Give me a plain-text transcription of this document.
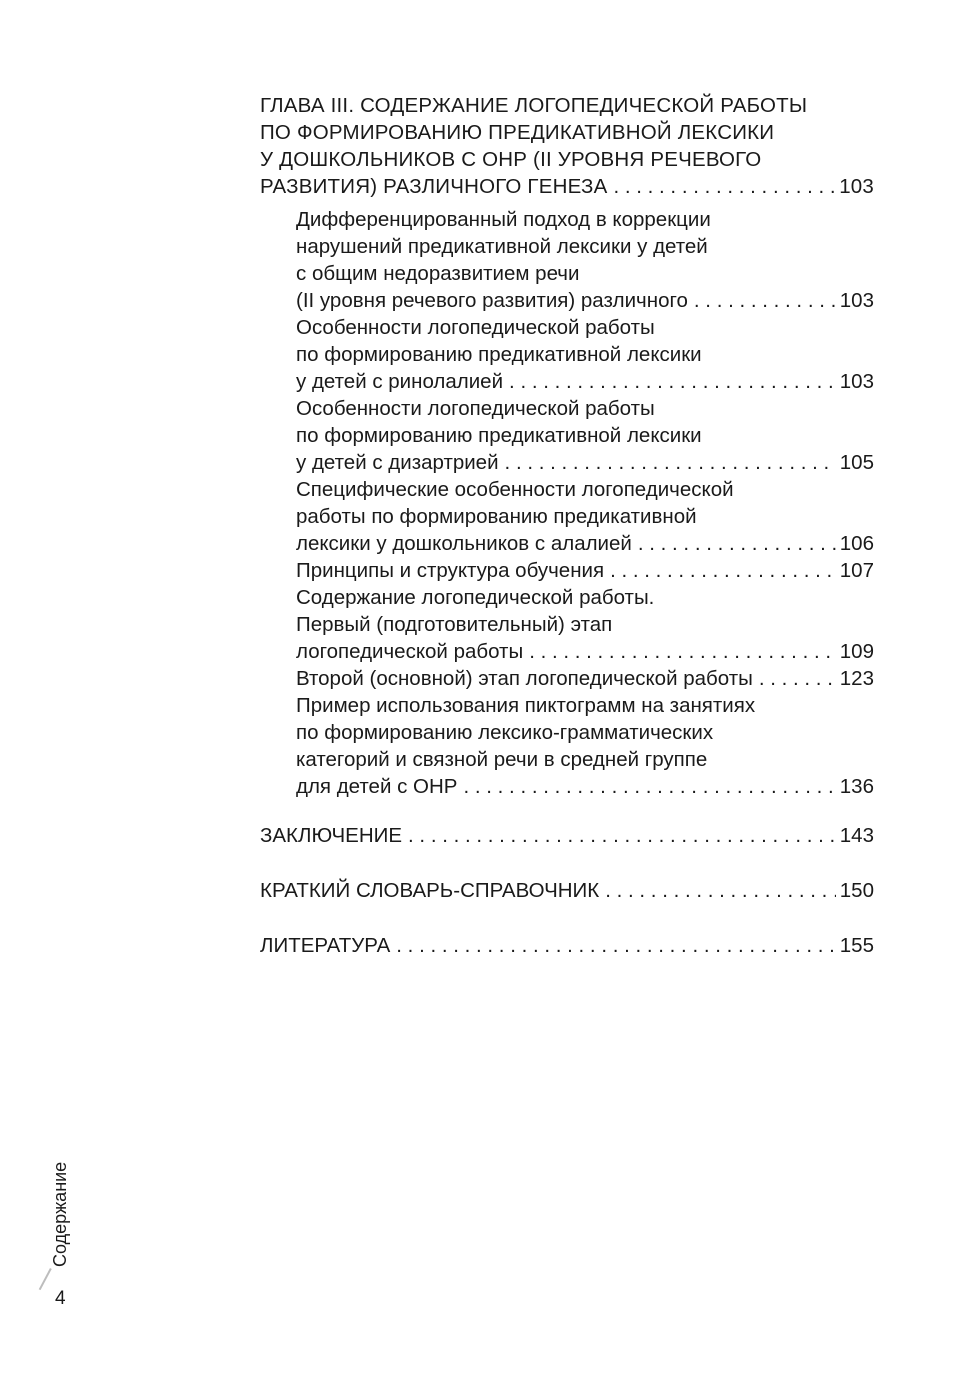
ГЛАВА III. СОДЕРЖАНИЕ ЛОГОПЕДИЧЕСКОЙ РАБОТЫ
ПО ФОРМИРОВАНИЮ ПРЕДИКАТИВНОЙ ЛЕКСИКИ
У ДОШКОЛЬНИКОВ С ОНР (II УРОВНЯ РЕЧЕВОГО
РАЗВИТИЯ) РАЗЛИЧНОГО ГЕНЕЗА . . .	103
Дифференцированный подход в коррекции
нарушений предикативной лексики у детей
с общим недоразвитием речи
(II уровня речевого развития) различного . . .	103
Особенности логопедической работы
по формированию предикативной лексики
у детей с ринолалией . . .	103
Особенности логопедической работы
по формированию предикативной лексики
у детей с дизартрией . . .	105
Специфические особенности логопедической
работы по формированию предикативной
лексики у дошкольников с алалией . . .	106
Принципы и структура обучения . . .	107
Содержание логопедической работы.
Первый (подготовительный) этап
логопедической работы . . .	109
Второй (основной) этап логопедической работы . . .	123
Пример использования пиктограмм на занятиях
по формированию лексико-грамматических
категорий и связной речи в средней группе
для детей с ОНР . . .	136
ЗАКЛЮЧЕНИЕ . . .	143
КРАТКИЙ СЛОВАРЬ-СПРАВОЧНИК . . .	150
ЛИТЕРАТУРА . . .	155
Содержание
4
